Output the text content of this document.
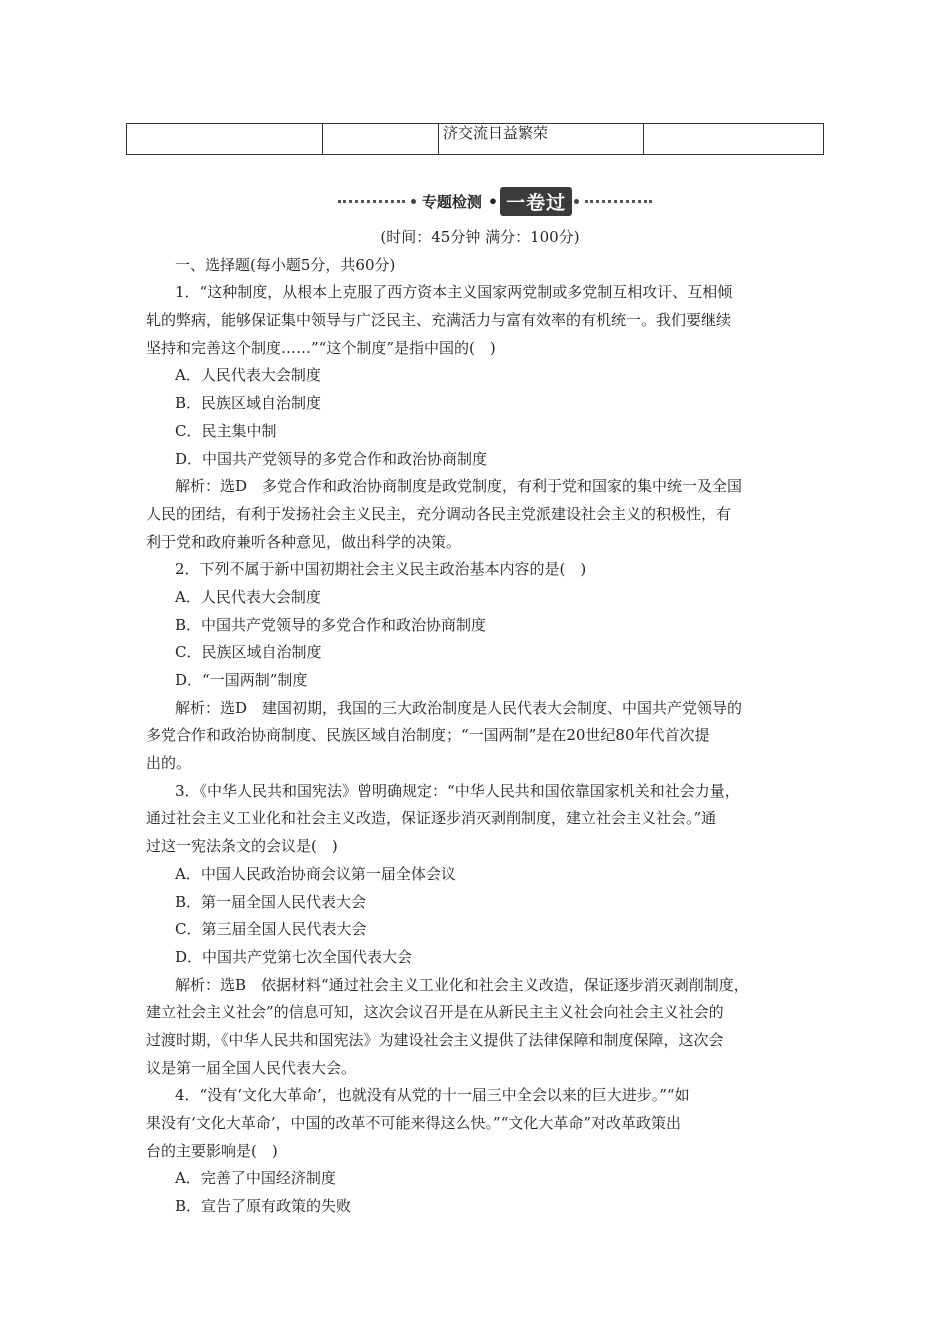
		济交流日益繁荣	
专题检测 • 一卷过
(时间：45分钟 满分：100分)
一、选择题(每小题5分，共60分)
1．“这种制度，从根本上克服了西方资本主义国家两党制或多党制互相攻讦、互相倾
轧的弊病，能够保证集中领导与广泛民主、充满活力与富有效率的有机统一。我们要继续
坚持和完善这个制度……”“这个制度”是指中国的(　)
A．人民代表大会制度
B．民族区域自治制度
C．民主集中制
D．中国共产党领导的多党合作和政治协商制度
解析：选D　多党合作和政治协商制度是政党制度，有利于党和国家的集中统一及全国
人民的团结，有利于发扬社会主义民主，充分调动各民主党派建设社会主义的积极性，有
利于党和政府兼听各种意见，做出科学的决策。
2．下列不属于新中国初期社会主义民主政治基本内容的是(　)
A．人民代表大会制度
B．中国共产党领导的多党合作和政治协商制度
C．民族区域自治制度
D．“一国两制”制度
解析：选D　建国初期，我国的三大政治制度是人民代表大会制度、中国共产党领导的
多党合作和政治协商制度、民族区域自治制度；“一国两制”是在20世纪80年代首次提
出的。
3．《中华人民共和国宪法》曾明确规定：“中华人民共和国依靠国家机关和社会力量，
通过社会主义工业化和社会主义改造，保证逐步消灭剥削制度，建立社会主义社会。”通
过这一宪法条文的会议是(　)
A．中国人民政治协商会议第一届全体会议
B．第一届全国人民代表大会
C．第三届全国人民代表大会
D．中国共产党第七次全国代表大会
解析：选B　依据材料“通过社会主义工业化和社会主义改造，保证逐步消灭剥削制度，
建立社会主义社会”的信息可知，这次会议召开是在从新民主主义社会向社会主义社会的
过渡时期，《中华人民共和国宪法》为建设社会主义提供了法律保障和制度保障，这次会
议是第一届全国人民代表大会。
4．“没有‘文化大革命’，也就没有从党的十一届三中全会以来的巨大进步。”“如
果没有‘文化大革命’，中国的改革不可能来得这么快。”“文化大革命”对改革政策出
台的主要影响是(　)
A．完善了中国经济制度
B．宣告了原有政策的失败
